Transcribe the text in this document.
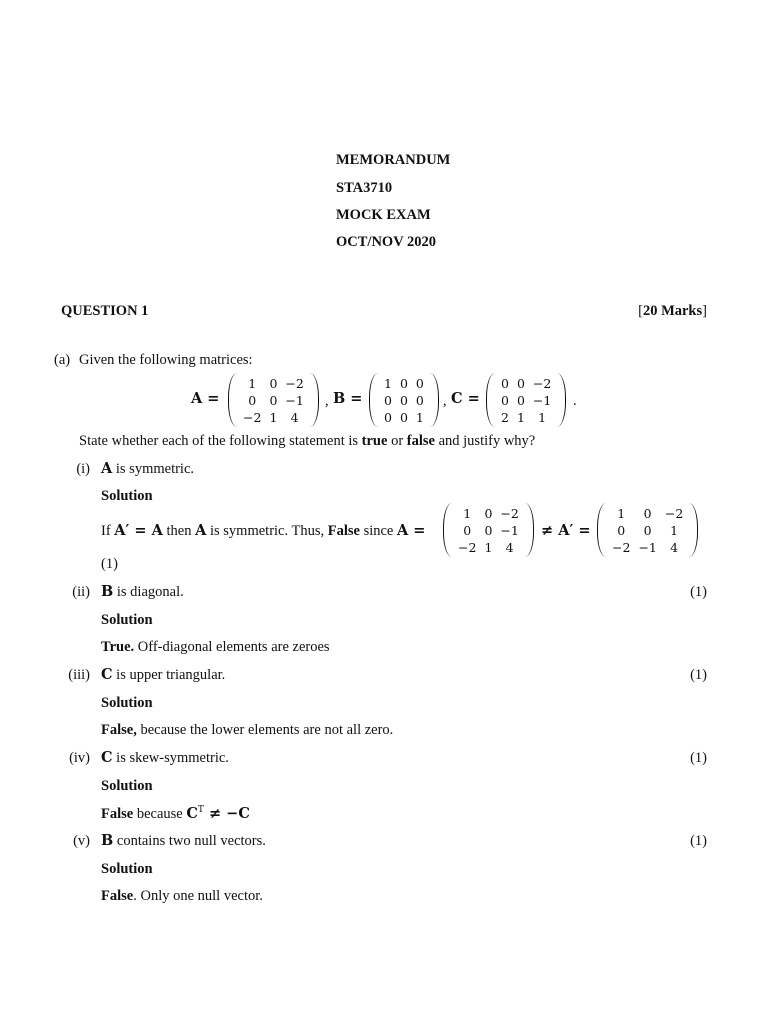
MEMORANDUM
STA3710
MOCK EXAM
OCT/NOV 2020
QUESTION 1	[20 Marks]
(a) Given the following matrices:
A =
1	0	−2
0	0	−1
−2	1	4
, B =
1	0	0
0	0	0
0	0	1
, C =
0	0	−2
0	0	−1
2	1	1
.
State whether each of the following statement is true or false and justify why?
(i) A is symmetric.
Solution
If A′ = A then A is symmetric. Thus, False since A =
1	0	−2
0	0	−1
−2	1	4
≠ A′ =
1	0	−2
0	0	1
−2	−1	4
(1)
(ii) B is diagonal.	(1)
Solution
True. Off-diagonal elements are zeroes
(iii) C is upper triangular.	(1)
Solution
False, because the lower elements are not all zero.
(iv) C is skew-symmetric.	(1)
Solution
False because $C^T \ne -C$
(v) B contains two null vectors.	(1)
Solution
False. Only one null vector.
